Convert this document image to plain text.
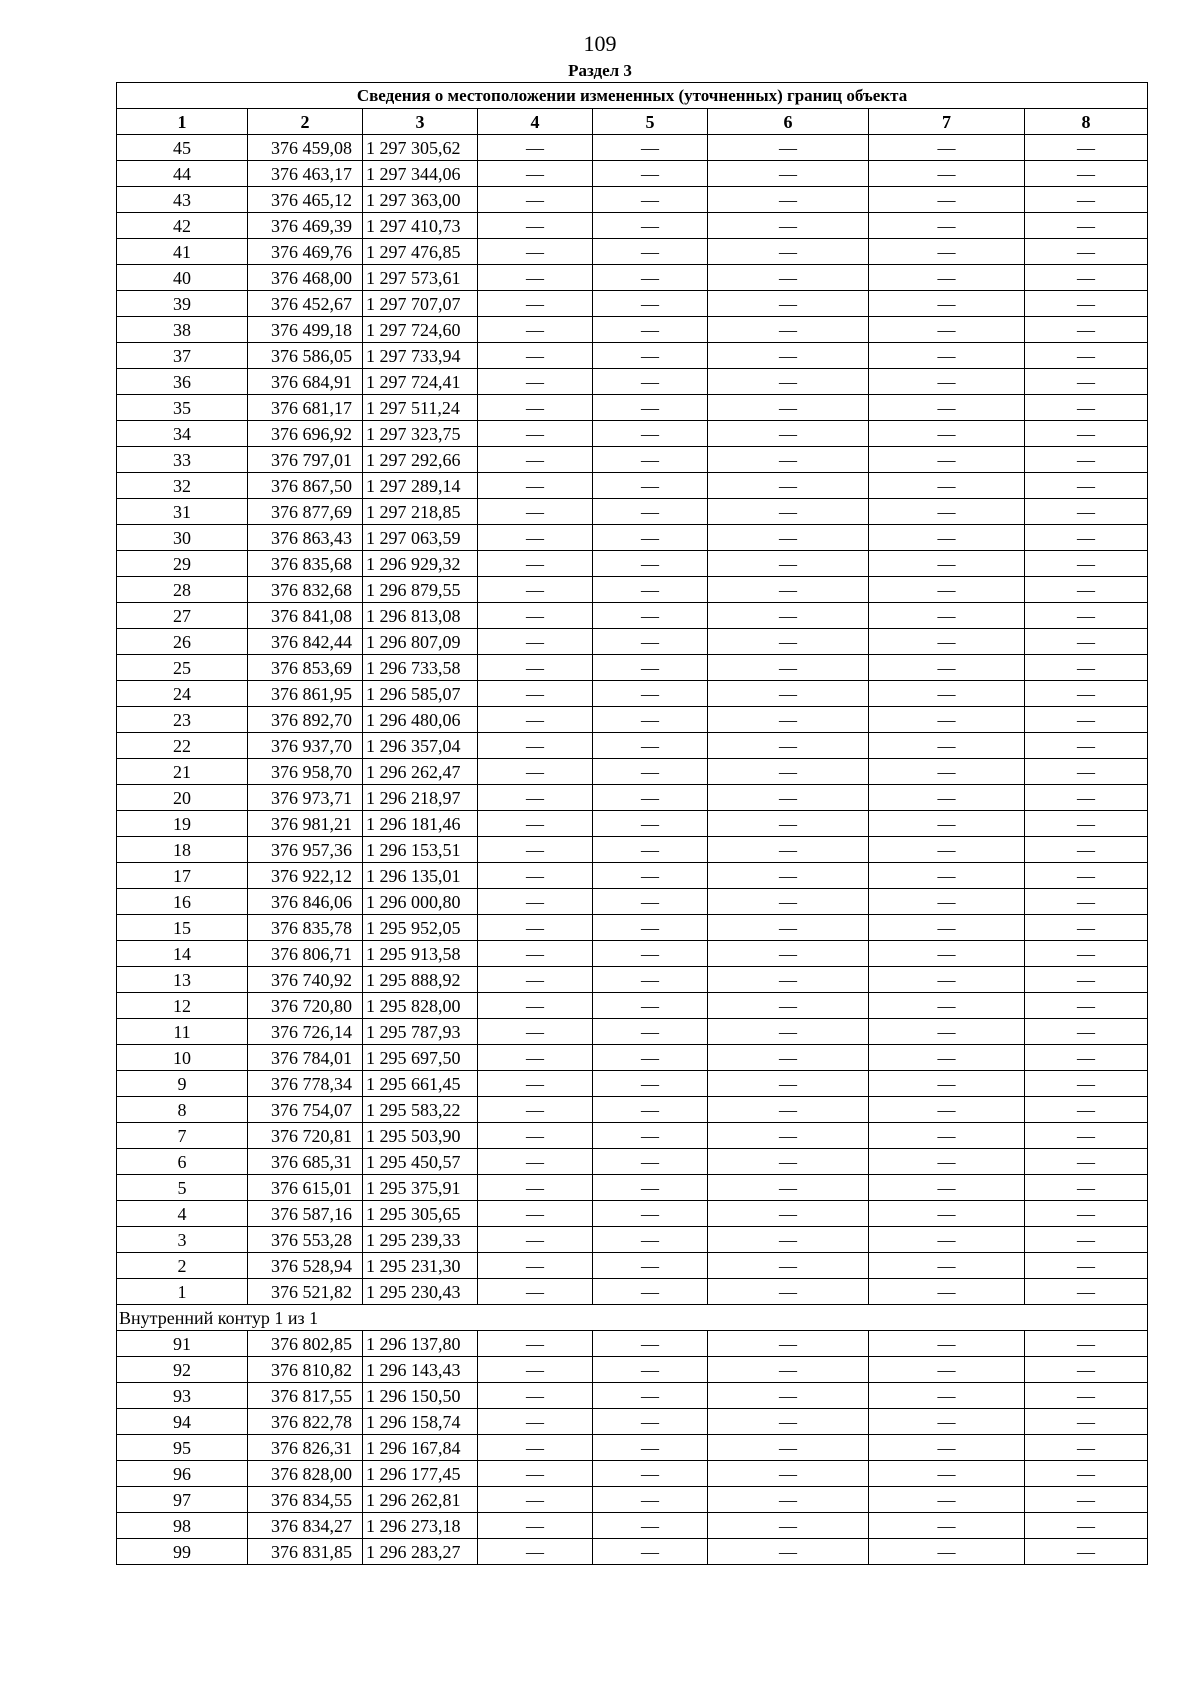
109
Раздел 3
Сведения о местоположении измененных (уточненных) границ объекта							
1	2	3	4	5	6	7	8
45	376 459,08	1 297 305,62	—	—	—	—	—
44	376 463,17	1 297 344,06	—	—	—	—	—
43	376 465,12	1 297 363,00	—	—	—	—	—
42	376 469,39	1 297 410,73	—	—	—	—	—
41	376 469,76	1 297 476,85	—	—	—	—	—
40	376 468,00	1 297 573,61	—	—	—	—	—
39	376 452,67	1 297 707,07	—	—	—	—	—
38	376 499,18	1 297 724,60	—	—	—	—	—
37	376 586,05	1 297 733,94	—	—	—	—	—
36	376 684,91	1 297 724,41	—	—	—	—	—
35	376 681,17	1 297 511,24	—	—	—	—	—
34	376 696,92	1 297 323,75	—	—	—	—	—
33	376 797,01	1 297 292,66	—	—	—	—	—
32	376 867,50	1 297 289,14	—	—	—	—	—
31	376 877,69	1 297 218,85	—	—	—	—	—
30	376 863,43	1 297 063,59	—	—	—	—	—
29	376 835,68	1 296 929,32	—	—	—	—	—
28	376 832,68	1 296 879,55	—	—	—	—	—
27	376 841,08	1 296 813,08	—	—	—	—	—
26	376 842,44	1 296 807,09	—	—	—	—	—
25	376 853,69	1 296 733,58	—	—	—	—	—
24	376 861,95	1 296 585,07	—	—	—	—	—
23	376 892,70	1 296 480,06	—	—	—	—	—
22	376 937,70	1 296 357,04	—	—	—	—	—
21	376 958,70	1 296 262,47	—	—	—	—	—
20	376 973,71	1 296 218,97	—	—	—	—	—
19	376 981,21	1 296 181,46	—	—	—	—	—
18	376 957,36	1 296 153,51	—	—	—	—	—
17	376 922,12	1 296 135,01	—	—	—	—	—
16	376 846,06	1 296 000,80	—	—	—	—	—
15	376 835,78	1 295 952,05	—	—	—	—	—
14	376 806,71	1 295 913,58	—	—	—	—	—
13	376 740,92	1 295 888,92	—	—	—	—	—
12	376 720,80	1 295 828,00	—	—	—	—	—
11	376 726,14	1 295 787,93	—	—	—	—	—
10	376 784,01	1 295 697,50	—	—	—	—	—
9	376 778,34	1 295 661,45	—	—	—	—	—
8	376 754,07	1 295 583,22	—	—	—	—	—
7	376 720,81	1 295 503,90	—	—	—	—	—
6	376 685,31	1 295 450,57	—	—	—	—	—
5	376 615,01	1 295 375,91	—	—	—	—	—
4	376 587,16	1 295 305,65	—	—	—	—	—
3	376 553,28	1 295 239,33	—	—	—	—	—
2	376 528,94	1 295 231,30	—	—	—	—	—
1	376 521,82	1 295 230,43	—	—	—	—	—
Внутренний контур 1 из 1							
91	376 802,85	1 296 137,80	—	—	—	—	—
92	376 810,82	1 296 143,43	—	—	—	—	—
93	376 817,55	1 296 150,50	—	—	—	—	—
94	376 822,78	1 296 158,74	—	—	—	—	—
95	376 826,31	1 296 167,84	—	—	—	—	—
96	376 828,00	1 296 177,45	—	—	—	—	—
97	376 834,55	1 296 262,81	—	—	—	—	—
98	376 834,27	1 296 273,18	—	—	—	—	—
99	376 831,85	1 296 283,27	—	—	—	—	—
